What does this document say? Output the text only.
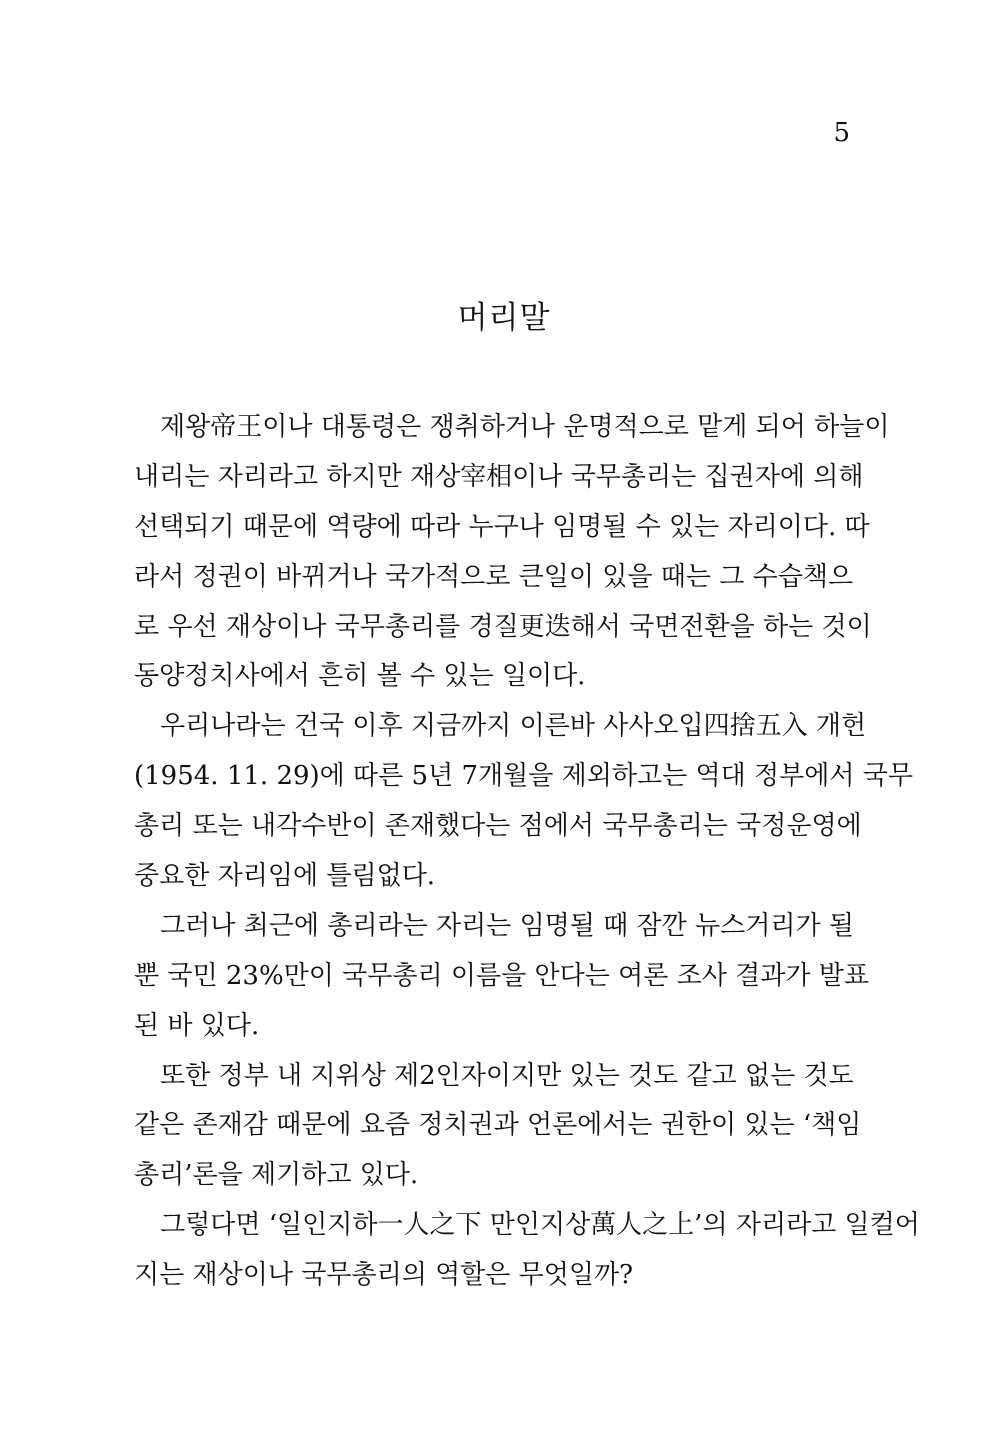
5
머리말
제왕帝王이나 대통령은 쟁취하거나 운명적으로 맡게 되어 하늘이
내리는 자리라고 하지만 재상宰相이나 국무총리는 집권자에 의해
선택되기 때문에 역량에 따라 누구나 임명될 수 있는 자리이다. 따
라서 정권이 바뀌거나 국가적으로 큰일이 있을 때는 그 수습책으
로 우선 재상이나 국무총리를 경질更迭해서 국면전환을 하는 것이
동양정치사에서 흔히 볼 수 있는 일이다.
우리나라는 건국 이후 지금까지 이른바 사사오입四捨五入 개헌
(1954. 11. 29)에 따른 5년 7개월을 제외하고는 역대 정부에서 국무
총리 또는 내각수반이 존재했다는 점에서 국무총리는 국정운영에
중요한 자리임에 틀림없다.
그러나 최근에 총리라는 자리는 임명될 때 잠깐 뉴스거리가 될
뿐 국민 23%만이 국무총리 이름을 안다는 여론 조사 결과가 발표
된 바 있다.
또한 정부 내 지위상 제2인자이지만 있는 것도 같고 없는 것도
같은 존재감 때문에 요즘 정치권과 언론에서는 권한이 있는 ‘책임
총리’론을 제기하고 있다.
그렇다면 ‘일인지하一人之下 만인지상萬人之上’의 자리라고 일컬어
지는 재상이나 국무총리의 역할은 무엇일까?
